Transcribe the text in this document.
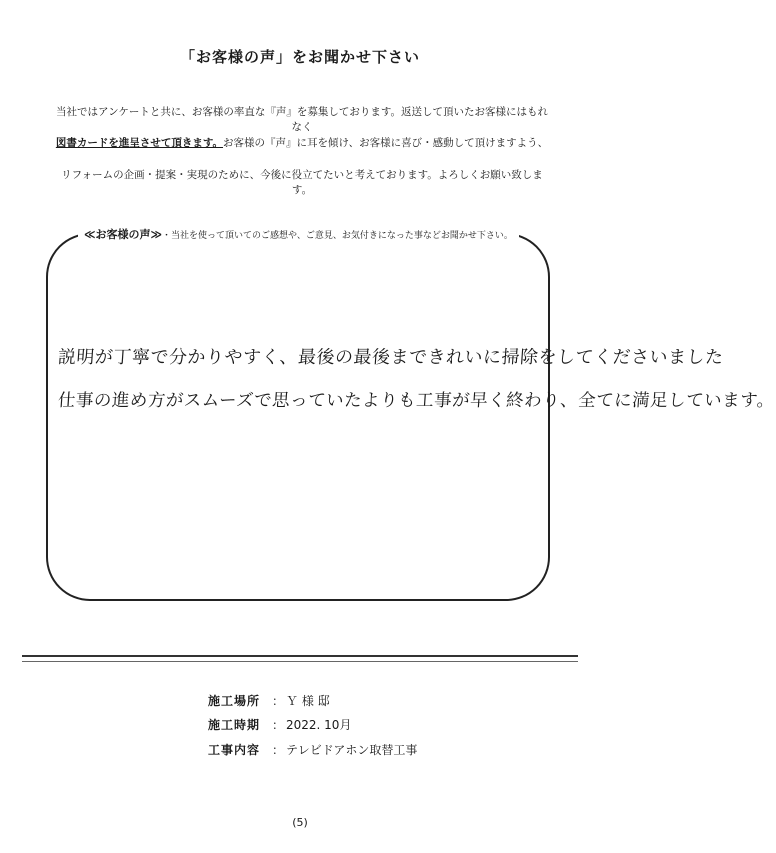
「お客様の声」をお聞かせ下さい
当社ではアンケートと共に、お客様の率直な『声』を募集しております。返送して頂いたお客様にはもれなく
図書カードを進呈させて頂きます。お客様の『声』に耳を傾け、お客様に喜び・感動して頂けますよう、
リフォームの企画・提案・実現のために、今後に役立てたいと考えております。よろしくお願い致します。
≪お客様の声≫・当社を使って頂いてのご感想や、ご意見、お気付きになった事などお聞かせ下さい。
説明が丁寧で分かりやすく、最後の最後まできれいに掃除をしてくださいました
仕事の進め方がスムーズで思っていたよりも工事が早く終わり、全てに満足しています。
施工場所 ： Ｙ 様 邸
施工時期 ： 2022. 10月
工事内容 ： テレビドアホン取替工事
(5)
